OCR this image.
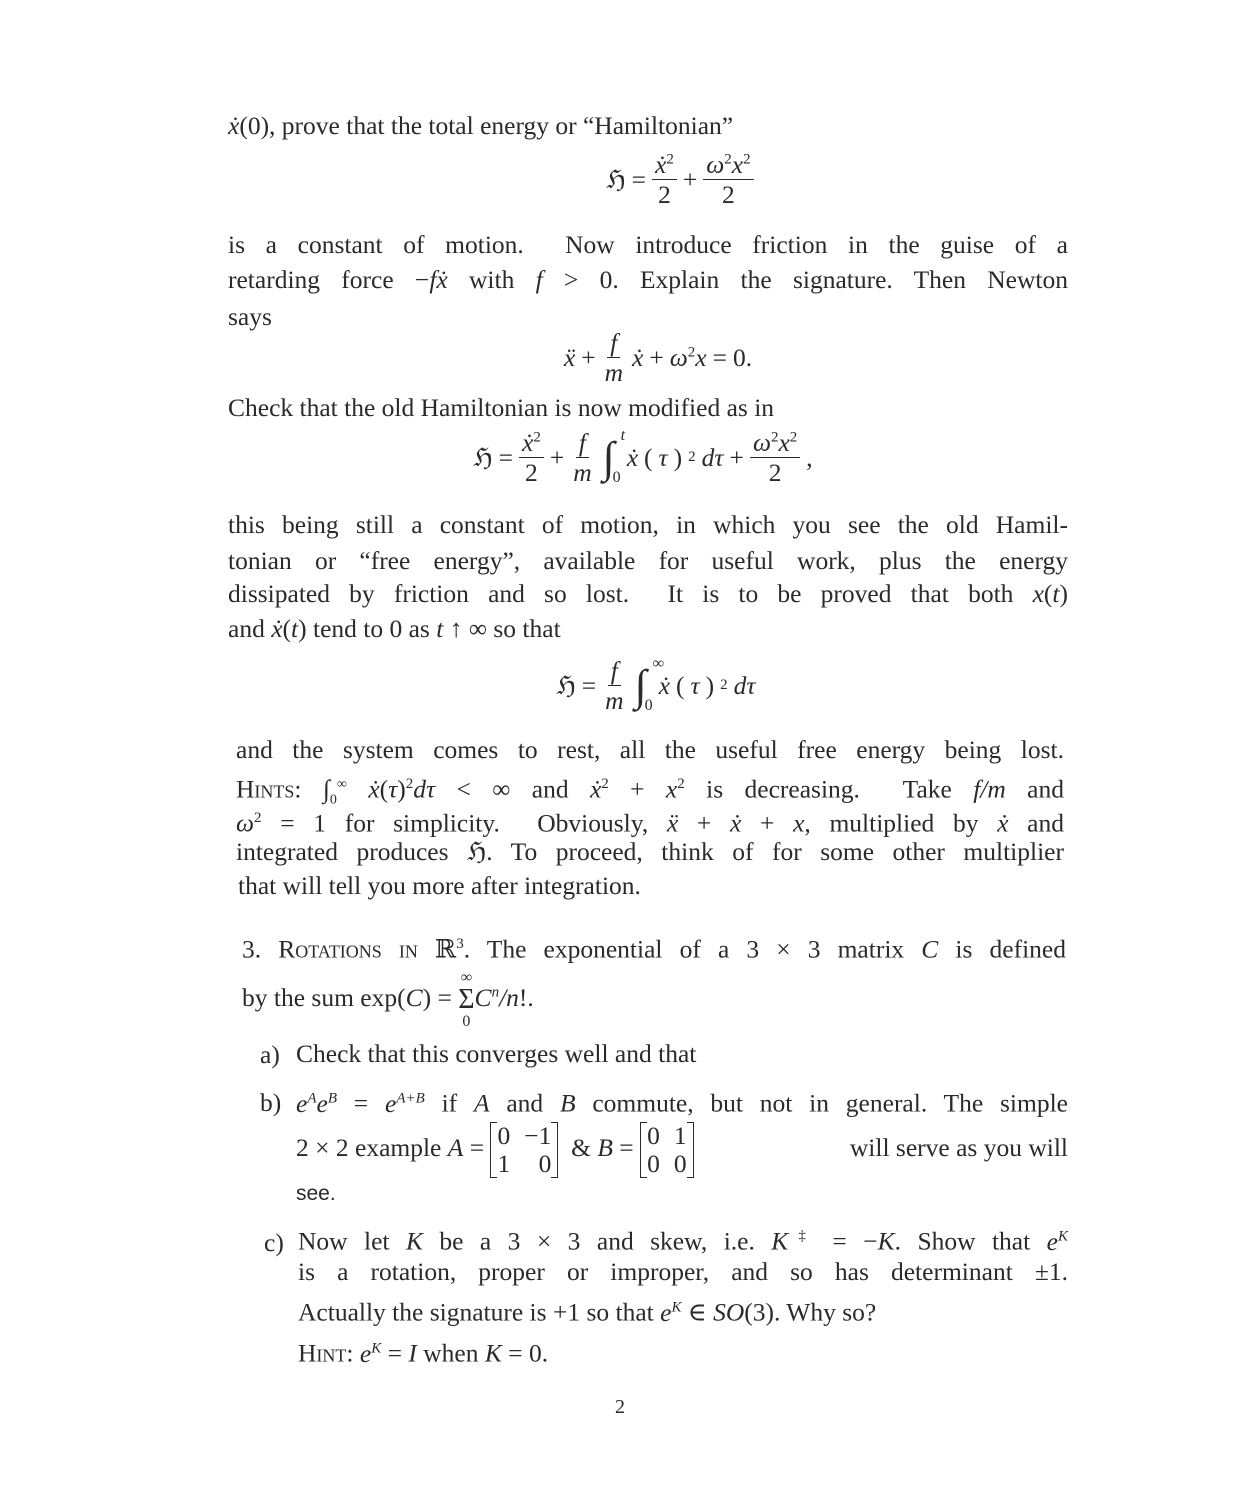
ẋ(0), prove that the total energy or “Hamiltonian”
ℌ = $\frac{ẋ^2}{2} + \frac{\omega^2x^2}{2}$
is a constant of motion.  Now introduce friction in the guise of a
retarding force −fẋ with f > 0. Explain the signature. Then Newton
says
ẍ + $\frac{f}{m}$ ẋ + $\omega^2x = 0$.
Check that the old Hamiltonian is now modified as in
ℌ = $\frac{ẋ^2}{2} + \frac{f}{m}$ ∫ t
0
ẋ ( τ ) 2 $d\tau + \frac{\omega^2x^2}{2}$ ,
this being still a constant of motion, in which you see the old Hamil-
tonian or “free energy”, available for useful work, plus the energy
dissipated by friction and so lost.  It is to be proved that both x(t)
and ẋ(t) tend to 0 as t ↑ ∞ so that
ℌ = $\frac{f}{m}$ ∫ ∞
0
ẋ ( τ ) 2 dτ
and the system comes to rest, all the useful free energy being lost.
Hints: $\int_0^\infty$ $ẋ(\tau)^2d\tau$ < ∞ and ẋ$^2$ + $x^2$ is decreasing.  Take f/m and
$\omega^2 = 1$ for simplicity.  Obviously, ẍ + ẋ + x, multiplied by ẋ and
integrated produces ℌ. To proceed, think of for some other multiplier
that will tell you more after integration.
3. Rotations in ℝ$^3$. The exponential of a 3 × 3 matrix C is defined
by the sum exp(C) =
∞
Σ
0
$C^n/n$!.
a) Check that this converges well and that
b) $e^Ae^B = e^{A+B}$ if A and B commute, but not in general. The simple
2 × 2 example A = 0 −1
1	0
& B = 0 1
0 0
will serve as you will
see.
c) Now let K be a 3 × 3 and skew, i.e. K‡ = −K. Show that $e^K$
is a rotation, proper or improper, and so has determinant ±1.
Actually the signature is +1 so that $e^K$ ∈ SO(3). Why so?
Hint: $e^K = I$ when K = 0.
2
